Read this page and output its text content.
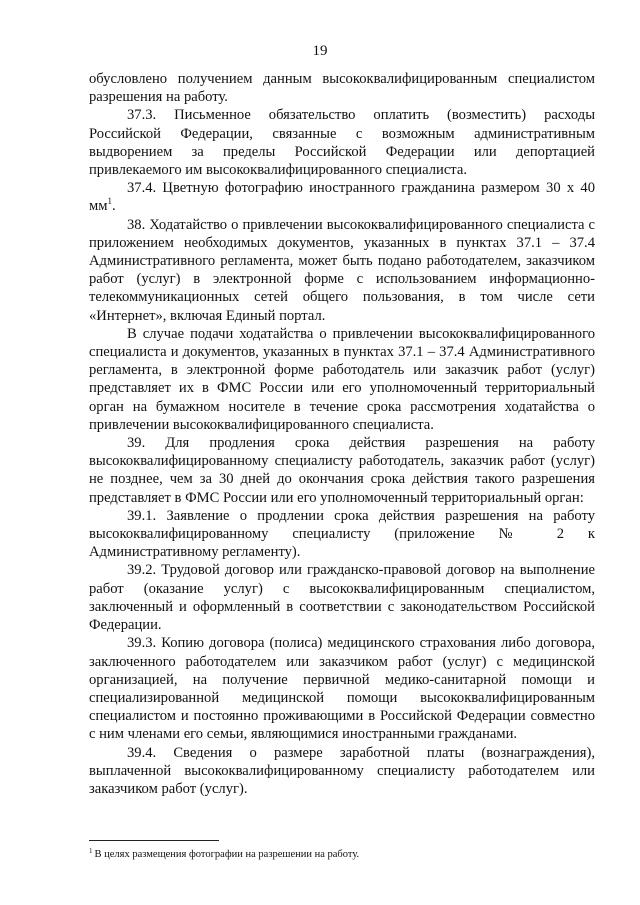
19

обусловлено получением данным высококвалифицированным специалистом разрешения на работу.

37.3. Письменное обязательство оплатить (возместить) расходы Российской Федерации, связанные с возможным административным выдворением за пределы Российской Федерации или депортацией привлекаемого им высококвалифицированного специалиста.

37.4. Цветную фотографию иностранного гражданина размером 30 х 40 $мм^1$.

38. Ходатайство о привлечении высококвалифицированного специалиста с приложением необходимых документов, указанных в пунктах 37.1 – 37.4 Административного регламента, может быть подано работодателем, заказчиком работ (услуг) в электронной форме с использованием информационно-телекоммуникационных сетей общего пользования, в том числе сети «Интернет», включая Единый портал.

В случае подачи ходатайства о привлечении высококвалифицированного специалиста и документов, указанных в пунктах 37.1 – 37.4 Административного регламента, в электронной форме работодатель или заказчик работ (услуг) представляет их в ФМС России или его уполномоченный территориальный орган на бумажном носителе в течение срока рассмотрения ходатайства о привлечении высококвалифицированного специалиста.

39. Для продления срока действия разрешения на работу высококвалифицированному специалисту работодатель, заказчик работ (услуг) не позднее, чем за 30 дней до окончания срока действия такого разрешения представляет в ФМС России или его уполномоченный территориальный орган:

39.1. Заявление о продлении срока действия разрешения на работу высококвалифицированному специалисту (приложение № 2 к Административному регламенту).

39.2. Трудовой договор или гражданско-правовой договор на выполнение работ (оказание услуг) с высококвалифицированным специалистом, заключенный и оформленный в соответствии с законодательством Российской Федерации.

39.3. Копию договора (полиса) медицинского страхования либо договора, заключенного работодателем или заказчиком работ (услуг) с медицинской организацией, на получение первичной медико-санитарной помощи и специализированной медицинской помощи высококвалифицированным специалистом и постоянно проживающими в Российской Федерации совместно с ним членами его семьи, являющимися иностранными гражданами.

39.4. Сведения о размере заработной платы (вознаграждения), выплаченной высококвалифицированному специалисту работодателем или заказчиком работ (услуг).

$^1$ В целях размещения фотографии на разрешении на работу.
